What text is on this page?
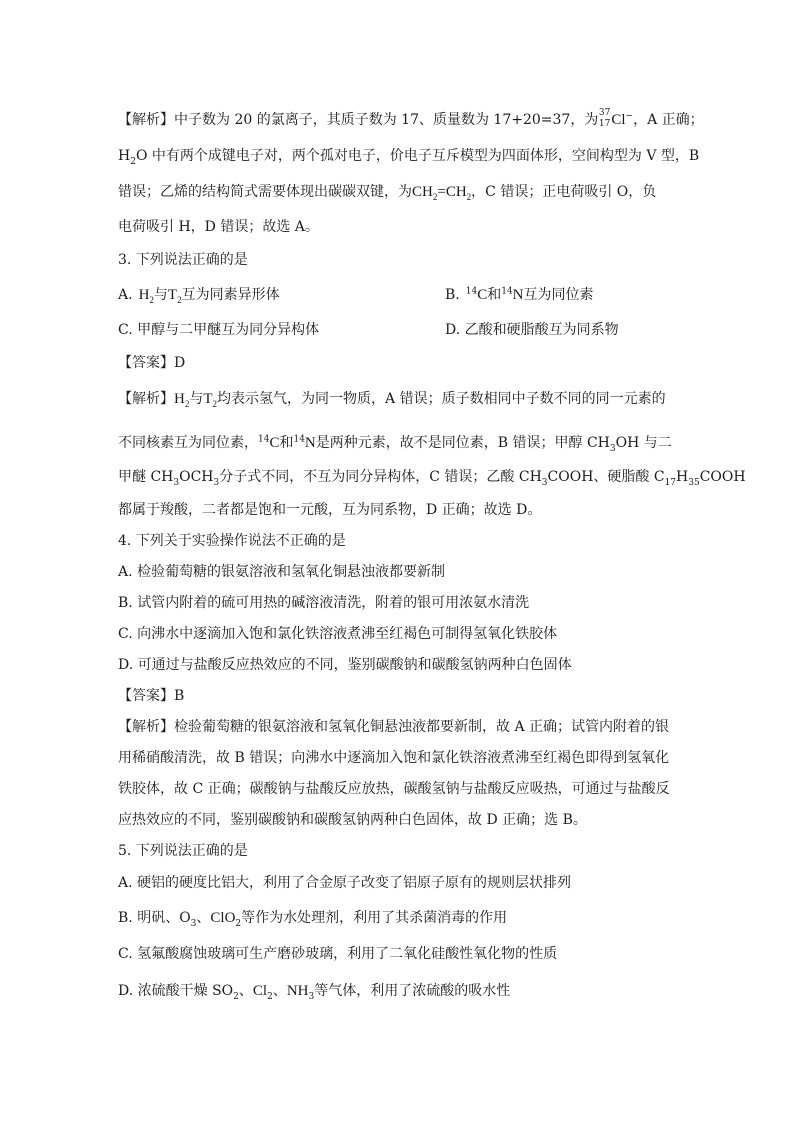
【解析】中子数为 20 的氯离子，其质子数为 17、质量数为 17+20=37，为 37
17 Cl−，A 正确；
$H_2O$ 中有两个成键电子对，两个孤对电子，价电子互斥模型为四面体形，空间构型为 V 型，B
错误；乙烯的结构简式需要体现出碳碳双键，为$CH_2=CH_2$，C 错误；正电荷吸引 O，负
电荷吸引 H，D 错误；故选 A。
3. 下列说法正确的是
A. $H_2$与$T_2$互为同素异形体	B. $^{14}$C和$^{14}$N互为同位素
C. 甲醇与二甲醚互为同分异构体	D. 乙酸和硬脂酸互为同系物
【答案】D
【解析】$H_2$与$T_2$均表示氢气，为同一物质，A 错误；质子数相同中子数不同的同一元素的
不同核素互为同位素，$^{14}$C和$^{14}$N是两种元素，故不是同位素，B 错误；甲醇 $CH_3OH$ 与二
甲醚 $CH_3OCH_3$分子式不同，不互为同分异构体，C 错误；乙酸 $CH_3COOH$、硬脂酸 $C_{17}H_{35}COOH$
都属于羧酸，二者都是饱和一元酸，互为同系物，D 正确；故选 D。
4. 下列关于实验操作说法不正确的是
A. 检验葡萄糖的银氨溶液和氢氧化铜悬浊液都要新制
B. 试管内附着的硫可用热的碱溶液清洗，附着的银可用浓氨水清洗
C. 向沸水中逐滴加入饱和氯化铁溶液煮沸至红褐色可制得氢氧化铁胶体
D. 可通过与盐酸反应热效应的不同，鉴别碳酸钠和碳酸氢钠两种白色固体
【答案】B
【解析】检验葡萄糖的银氨溶液和氢氧化铜悬浊液都要新制，故 A 正确；试管内附着的银
用稀硝酸清洗，故 B 错误；向沸水中逐滴加入饱和氯化铁溶液煮沸至红褐色即得到氢氧化
铁胶体，故 C 正确；碳酸钠与盐酸反应放热，碳酸氢钠与盐酸反应吸热，可通过与盐酸反
应热效应的不同，鉴别碳酸钠和碳酸氢钠两种白色固体，故 D 正确；选 B。
5. 下列说法正确的是
A. 硬铝的硬度比铝大，利用了合金原子改变了铝原子原有的规则层状排列
B. 明矾、$O_3$、ClO$_2$等作为水处理剂，利用了其杀菌消毒的作用
C. 氢氟酸腐蚀玻璃可生产磨砂玻璃，利用了二氧化硅酸性氧化物的性质
D. 浓硫酸干燥 $SO_2$、$Cl_2$、$NH_3$等气体，利用了浓硫酸的吸水性
